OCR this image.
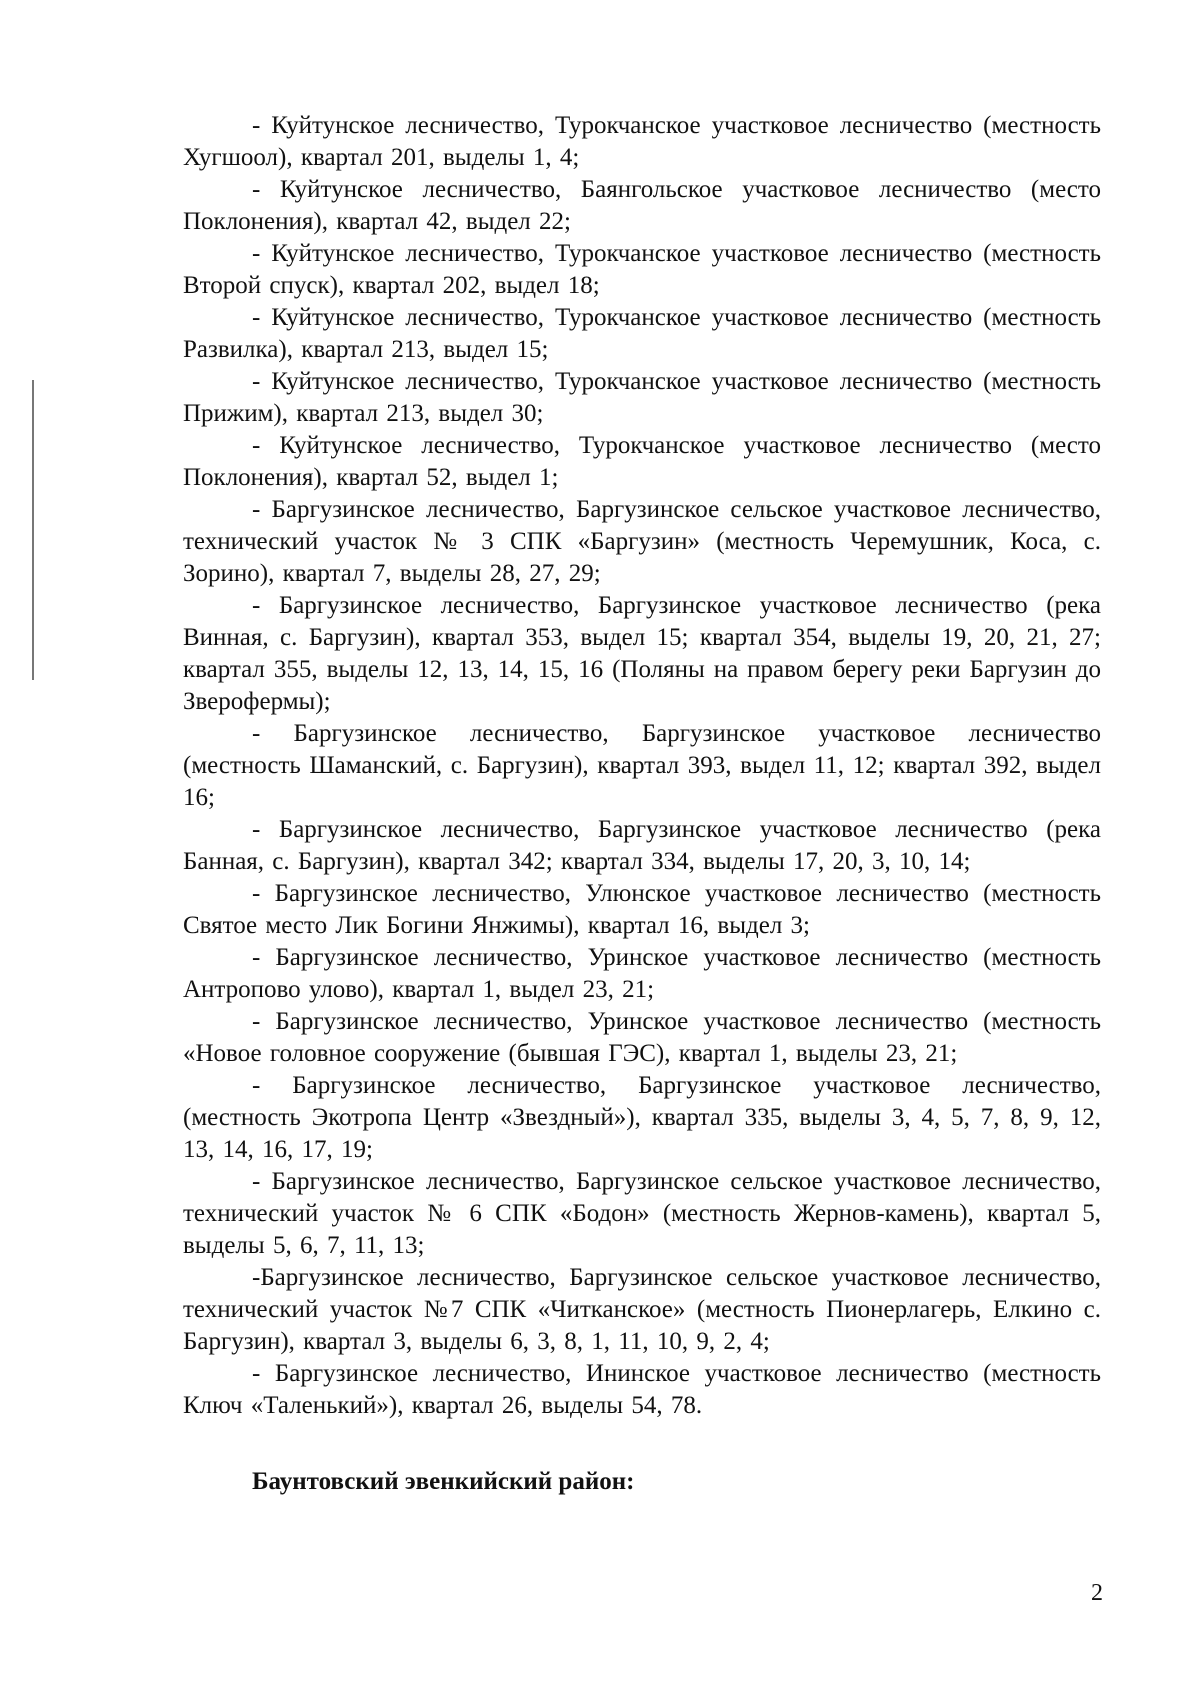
- Куйтунское лесничество, Турокчанское участковое лесничество (местность Хугшоол), квартал 201, выделы 1, 4;

- Куйтунское лесничество, Баянгольское участковое лесничество (место Поклонения), квартал 42, выдел 22;

- Куйтунское лесничество, Турокчанское участковое лесничество (местность Второй спуск), квартал 202, выдел 18;

- Куйтунское лесничество, Турокчанское участковое лесничество (местность Развилка), квартал 213, выдел 15;

- Куйтунское лесничество, Турокчанское участковое лесничество (местность Прижим), квартал 213, выдел 30;

- Куйтунское лесничество, Турокчанское участковое лесничество (место Поклонения), квартал 52, выдел 1;

- Баргузинское лесничество, Баргузинское сельское участковое лесничество, технический участок № 3 СПК «Баргузин» (местность Черемушник, Коса, с. Зорино), квартал 7, выделы 28, 27, 29;

- Баргузинское лесничество, Баргузинское участковое лесничество (река Винная, с. Баргузин), квартал 353, выдел 15; квартал 354, выделы 19, 20, 21, 27; квартал 355, выделы 12, 13, 14, 15, 16 (Поляны на правом берегу реки Баргузин до Зверофермы);

- Баргузинское лесничество, Баргузинское участковое лесничество (местность Шаманский, с. Баргузин), квартал 393, выдел 11, 12; квартал 392, выдел 16;

- Баргузинское лесничество, Баргузинское участковое лесничество (река Банная, с. Баргузин), квартал 342; квартал 334, выделы 17, 20, 3, 10, 14;

- Баргузинское лесничество, Улюнское участковое лесничество (местность Святое место Лик Богини Янжимы), квартал 16, выдел 3;

- Баргузинское лесничество, Уринское участковое лесничество (местность Антропово улово), квартал 1, выдел 23, 21;

- Баргузинское лесничество, Уринское участковое лесничество (местность «Новое головное сооружение (бывшая ГЭС), квартал 1, выделы 23, 21;

- Баргузинское лесничество, Баргузинское участковое лесничество, (местность Экотропа Центр «Звездный»), квартал 335, выделы 3, 4, 5, 7, 8, 9, 12, 13, 14, 16, 17, 19;

- Баргузинское лесничество, Баргузинское сельское участковое лесничество, технический участок № 6 СПК «Бодон» (местность Жернов-камень), квартал 5, выделы 5, 6, 7, 11, 13;

-Баргузинское лесничество, Баргузинское сельское участковое лесничество, технический участок №7 СПК «Читканское» (местность Пионерлагерь, Елкино с. Баргузин), квартал 3, выделы 6, 3, 8, 1, 11, 10, 9, 2, 4;

- Баргузинское лесничество, Ининское участковое лесничество (местность Ключ «Таленький»), квартал 26, выделы 54, 78.

Баунтовский эвенкийский район:

2
